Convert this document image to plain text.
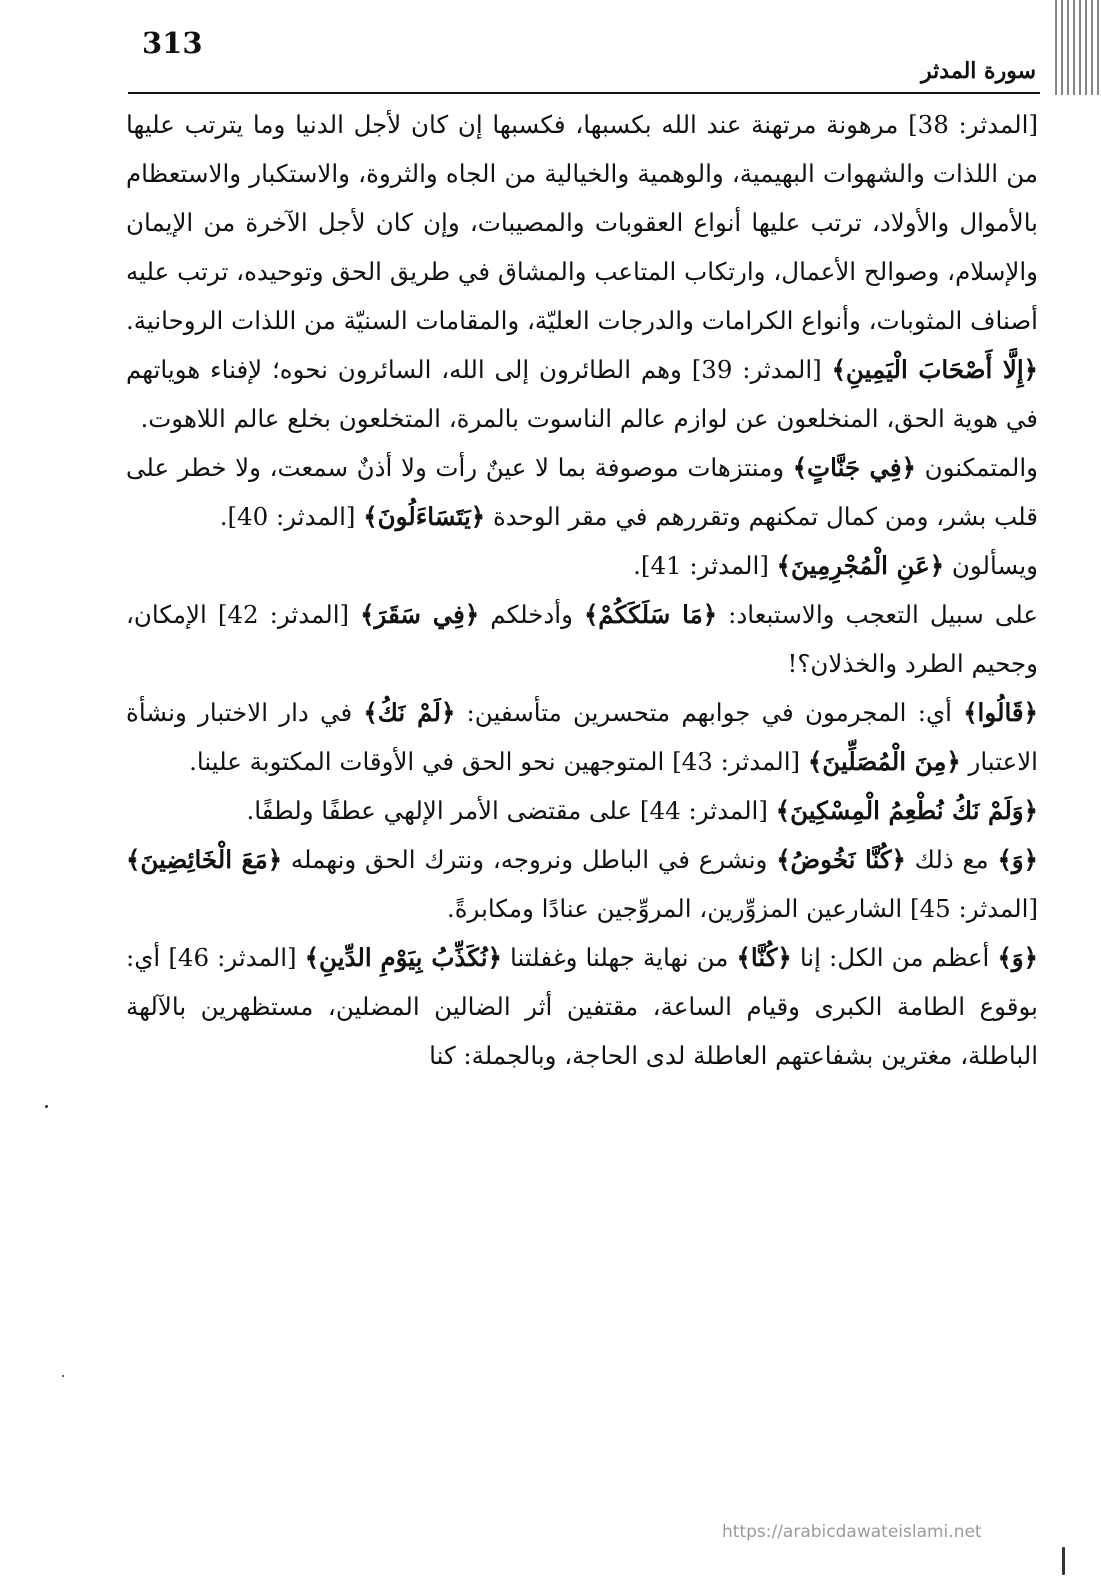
313
سورة المدثر

[المدثر: 38] مرهونة مرتهنة عند الله بكسبها، فكسبها إن كان لأجل الدنيا وما يترتب عليها من اللذات والشهوات البهيمية، والوهمية والخيالية من الجاه والثروة، والاستكبار والاستعظام بالأموال والأولاد، ترتب عليها أنواع العقوبات والمصيبات، وإن كان لأجل الآخرة من الإيمان والإسلام، وصوالح الأعمال، وارتكاب المتاعب والمشاق في طريق الحق وتوحيده، ترتب عليه أصناف المثوبات، وأنواع الكرامات والدرجات العليّة، والمقامات السنيّة من اللذات الروحانية.

﴿إِلَّا أَصْحَابَ الْيَمِينِ﴾ [المدثر: 39] وهم الطائرون إلى الله، السائرون نحوه؛ لإفناء هوياتهم في هوية الحق، المنخلعون عن لوازم عالم الناسوت بالمرة، المتخلعون بخلع عالم اللاهوت.

والمتمكنون ﴿فِي جَنَّاتٍ﴾ ومنتزهات موصوفة بما لا عينٌ رأت ولا أذنٌ سمعت، ولا خطر على قلب بشر، ومن كمال تمكنهم وتقررهم في مقر الوحدة ﴿يَتَسَاءَلُونَ﴾ [المدثر: 40].

ويسألون ﴿عَنِ الْمُجْرِمِينَ﴾ [المدثر: 41].

على سبيل التعجب والاستبعاد: ﴿مَا سَلَكَكُمْ﴾ وأدخلكم ﴿فِي سَقَرَ﴾ [المدثر: 42] الإمكان، وجحيم الطرد والخذلان؟!

﴿قَالُوا﴾ أي: المجرمون في جوابهم متحسرين متأسفين: ﴿لَمْ نَكُ﴾ في دار الاختبار ونشأة الاعتبار ﴿مِنَ الْمُصَلِّينَ﴾ [المدثر: 43] المتوجهين نحو الحق في الأوقات المكتوبة علينا.

﴿وَلَمْ نَكُ نُطْعِمُ الْمِسْكِينَ﴾ [المدثر: 44] على مقتضى الأمر الإلهي عطفًا ولطفًا.

﴿وَ﴾ مع ذلك ﴿كُنَّا نَخُوضُ﴾ ونشرع في الباطل ونروجه، ونترك الحق ونهمله ﴿مَعَ الْخَائِضِينَ﴾ [المدثر: 45] الشارعين المزوِّرين، المروِّجين عنادًا ومكابرةً.

﴿وَ﴾ أعظم من الكل: إنا ﴿كُنَّا﴾ من نهاية جهلنا وغفلتنا ﴿نُكَذِّبُ بِيَوْمِ الدِّينِ﴾ [المدثر: 46] أي: بوقوع الطامة الكبرى وقيام الساعة، مقتفين أثر الضالين المضلين، مستظهرين بالآلهة الباطلة، مغترين بشفاعتهم العاطلة لدى الحاجة، وبالجملة: كنا

https://arabicdawateislami.net
